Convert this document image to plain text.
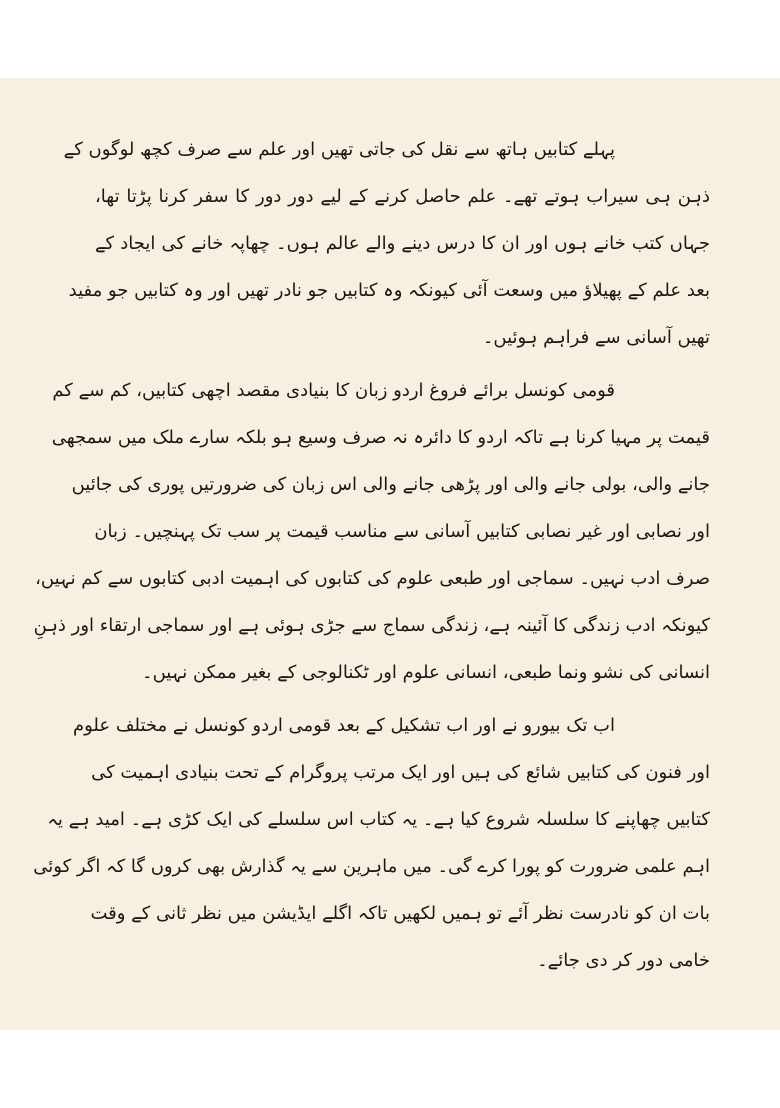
پہلے کتابیں ہاتھ سے نقل کی جاتی تھیں اور علم سے صرف کچھ لوگوں کے
ذہن ہی سیراب ہوتے تھے۔ علم حاصل کرنے کے لیے دور دور کا سفر کرنا پڑتا تھا،
جہاں کتب خانے ہوں اور ان کا درس دینے والے عالم ہوں۔ چھاپہ خانے کی ایجاد کے
بعد علم کے پھیلاؤ میں وسعت آئی کیونکہ وہ کتابیں جو نادر تھیں اور وہ کتابیں جو مفید
تھیں آسانی سے فراہم ہوئیں۔
قومی کونسل برائے فروغ اردو زبان کا بنیادی مقصد اچھی کتابیں، کم سے کم
قیمت پر مہیا کرنا ہے تاکہ اردو کا دائرہ نہ صرف وسیع ہو بلکہ سارے ملک میں سمجھی
جانے والی، بولی جانے والی اور پڑھی جانے والی اس زبان کی ضرورتیں پوری کی جائیں
اور نصابی اور غیر نصابی کتابیں آسانی سے مناسب قیمت پر سب تک پہنچیں۔ زبان
صرف ادب نہیں۔ سماجی اور طبعی علوم کی کتابوں کی اہمیت ادبی کتابوں سے کم نہیں،
کیونکہ ادب زندگی کا آئینہ ہے، زندگی سماج سے جڑی ہوئی ہے اور سماجی ارتقاء اور ذہنِ
انسانی کی نشو ونما طبعی، انسانی علوم اور ٹکنالوجی کے بغیر ممکن نہیں۔
اب تک بیورو نے اور اب تشکیل کے بعد قومی اردو کونسل نے مختلف علوم
اور فنون کی کتابیں شائع کی ہیں اور ایک مرتب پروگرام کے تحت بنیادی اہمیت کی
کتابیں چھاپنے کا سلسلہ شروع کیا ہے۔ یہ کتاب اس سلسلے کی ایک کڑی ہے۔ امید ہے یہ
اہم علمی ضرورت کو پورا کرے گی۔ میں ماہرین سے یہ گذارش بھی کروں گا کہ اگر کوئی
بات ان کو نادرست نظر آئے تو ہمیں لکھیں تاکہ اگلے ایڈیشن میں نظر ثانی کے وقت
خامی دور کر دی جائے۔
